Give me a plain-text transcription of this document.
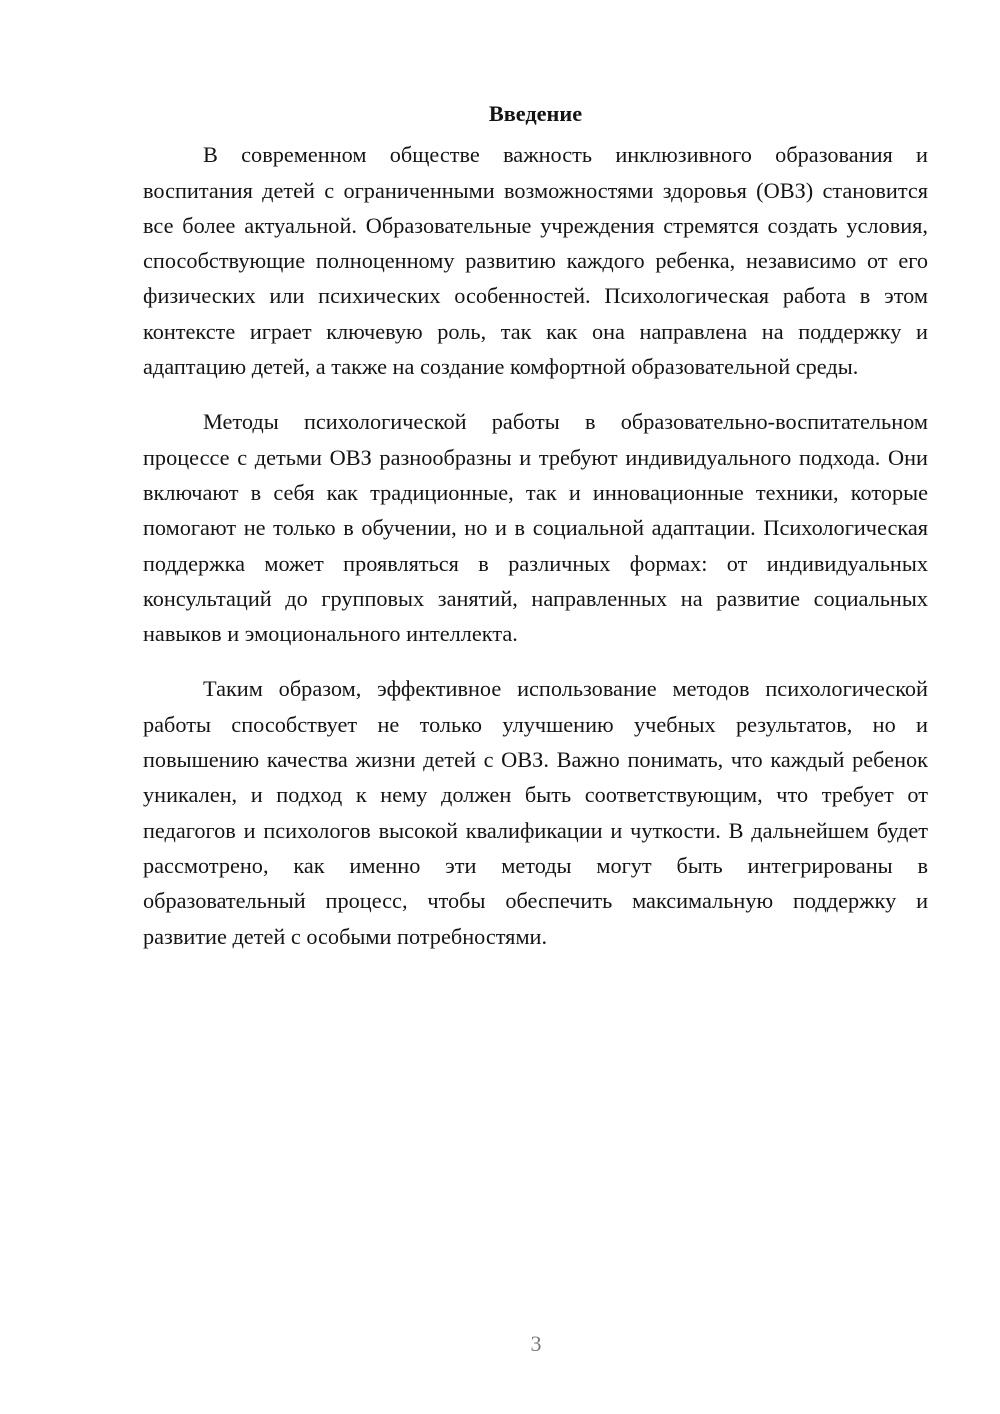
Введение

В современном обществе важность инклюзивного образования и воспитания детей с ограниченными возможностями здоровья (ОВЗ) становится все более актуальной. Образовательные учреждения стремятся создать условия, способствующие полноценному развитию каждого ребенка, независимо от его физических или психических особенностей. Психологическая работа в этом контексте играет ключевую роль, так как она направлена на поддержку и адаптацию детей, а также на создание комфортной образовательной среды.

Методы психологической работы в образовательно-воспитательном процессе с детьми ОВЗ разнообразны и требуют индивидуального подхода. Они включают в себя как традиционные, так и инновационные техники, которые помогают не только в обучении, но и в социальной адаптации. Психологическая поддержка может проявляться в различных формах: от индивидуальных консультаций до групповых занятий, направленных на развитие социальных навыков и эмоционального интеллекта.

Таким образом, эффективное использование методов психологической работы способствует не только улучшению учебных результатов, но и повышению качества жизни детей с ОВЗ. Важно понимать, что каждый ребенок уникален, и подход к нему должен быть соответствующим, что требует от педагогов и психологов высокой квалификации и чуткости. В дальнейшем будет рассмотрено, как именно эти методы могут быть интегрированы в образовательный процесс, чтобы обеспечить максимальную поддержку и развитие детей с особыми потребностями.

3
